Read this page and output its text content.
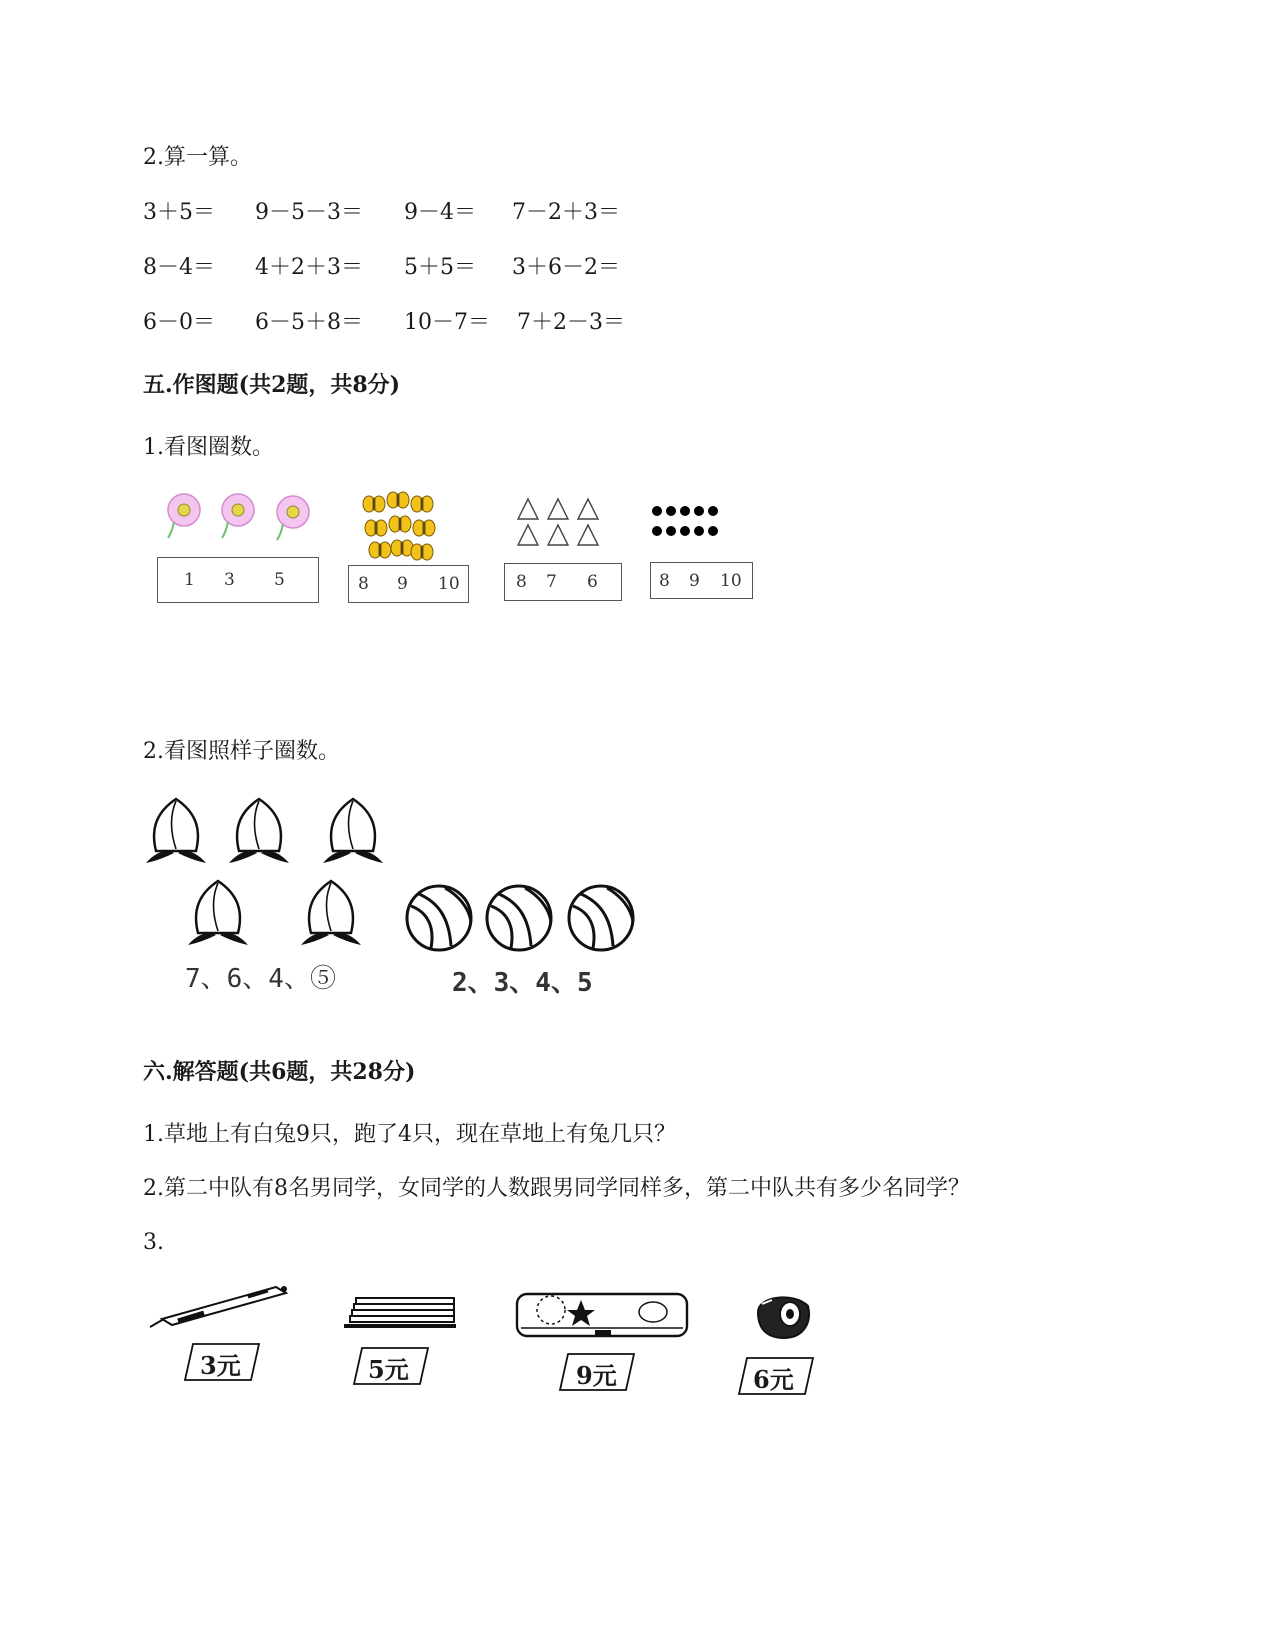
2.算一算。
3＋5＝ 9－5－3＝ 9－4＝ 7－2＋3＝
8－4＝ 4＋2＋3＝ 5＋5＝ 3＋6－2＝
6－0＝ 6－5＋8＝ 10－7＝ 7＋2－3＝
五.作图题(共2题，共8分)
1.看图圈数。
1 3 5	8 9 10	8 7 6	8 9 10
2.看图照样子圈数。
7、6、4、⑤	2、3、4、5
六.解答题(共6题，共28分)
1.草地上有白兔9只，跑了4只，现在草地上有兔几只？
2.第二中队有8名男同学，女同学的人数跟男同学同样多，第二中队共有多少名同学？
3.
3元	5元	9元	6元
